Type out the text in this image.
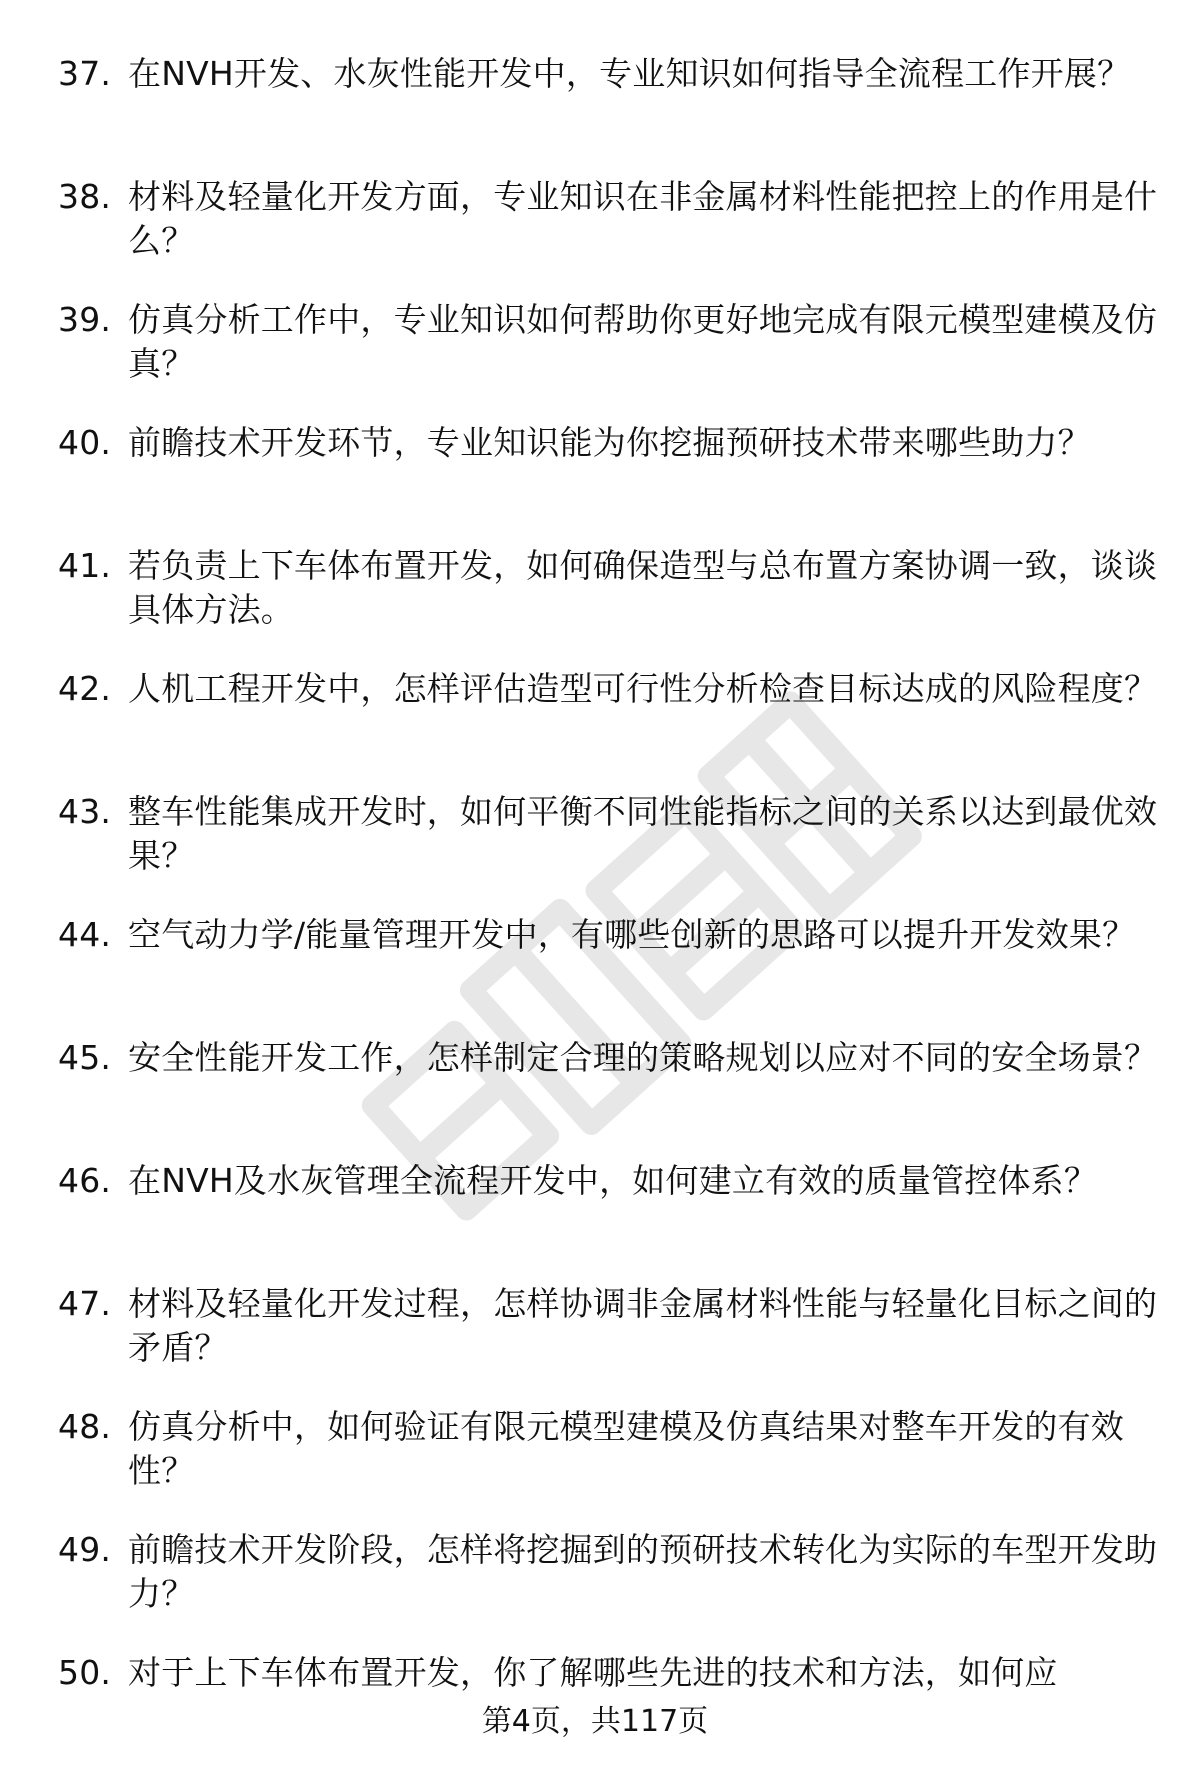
37. 在NVH开发、水灰性能开发中，专业知识如何指导全流程工作开展？
38. 材料及轻量化开发方面，专业知识在非金属材料性能把控上的作用是什么？
39. 仿真分析工作中，专业知识如何帮助你更好地完成有限元模型建模及仿真？
40. 前瞻技术开发环节，专业知识能为你挖掘预研技术带来哪些助力？
41. 若负责上下车体布置开发，如何确保造型与总布置方案协调一致，谈谈具体方法。
42. 人机工程开发中，怎样评估造型可行性分析检查目标达成的风险程度？
43. 整车性能集成开发时，如何平衡不同性能指标之间的关系以达到最优效果？
44. 空气动力学/能量管理开发中，有哪些创新的思路可以提升开发效果？
45. 安全性能开发工作，怎样制定合理的策略规划以应对不同的安全场景？
46. 在NVH及水灰管理全流程开发中，如何建立有效的质量管控体系？
47. 材料及轻量化开发过程，怎样协调非金属材料性能与轻量化目标之间的矛盾？
48. 仿真分析中，如何验证有限元模型建模及仿真结果对整车开发的有效性？
49. 前瞻技术开发阶段，怎样将挖掘到的预研技术转化为实际的车型开发助力？
50. 对于上下车体布置开发，你了解哪些先进的技术和方法，如何应
第4页，共117页
